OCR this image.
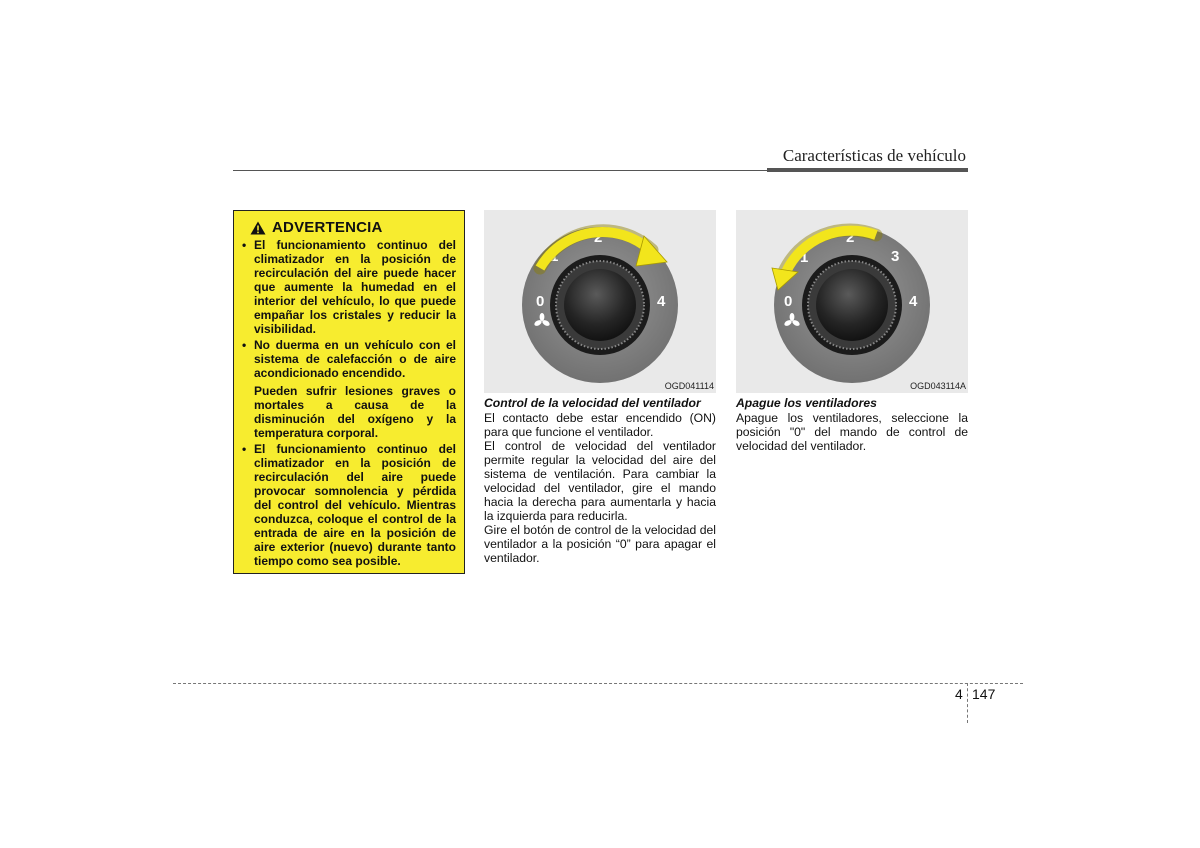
Características de vehículo
ADVERTENCIA
• El funcionamiento continuo del climatizador en la posición de recirculación del aire puede hacer que aumente la humedad en el interior del vehículo, lo que puede empañar los cristales y reducir la visibilidad.
• No duerma en un vehículo con el sistema de calefacción o de aire acondicionado encendido.
Pueden sufrir lesiones graves o mortales a causa de la disminución del oxígeno y la temperatura corporal.
• El funcionamiento continuo del climatizador en la posición de recirculación del aire puede provocar somnolencia y pérdida del control del vehículo. Mientras conduzca, coloque el control de la entrada de aire en la posición de aire exterior (nuevo) durante tanto tiempo como sea posible.
0
1
2
4
OGD041114
0
1
2
3
4
OGD043114A
Control de la velocidad del ventilador

El contacto debe estar encendido (ON) para que funcione el ventilador.

El control de velocidad del ventilador permite regular la velocidad del aire del sistema de ventilación. Para cambiar la velocidad del ventilador, gire el mando hacia la derecha para aumentarla y hacia la izquierda para reducirla.

Gire el botón de control de la velocidad del ventilador a la posición “0” para apagar el ventilador.

Apague los ventiladores

Apague los ventiladores, seleccione la posición "0" del mando de control de velocidad del ventilador.

4 147
